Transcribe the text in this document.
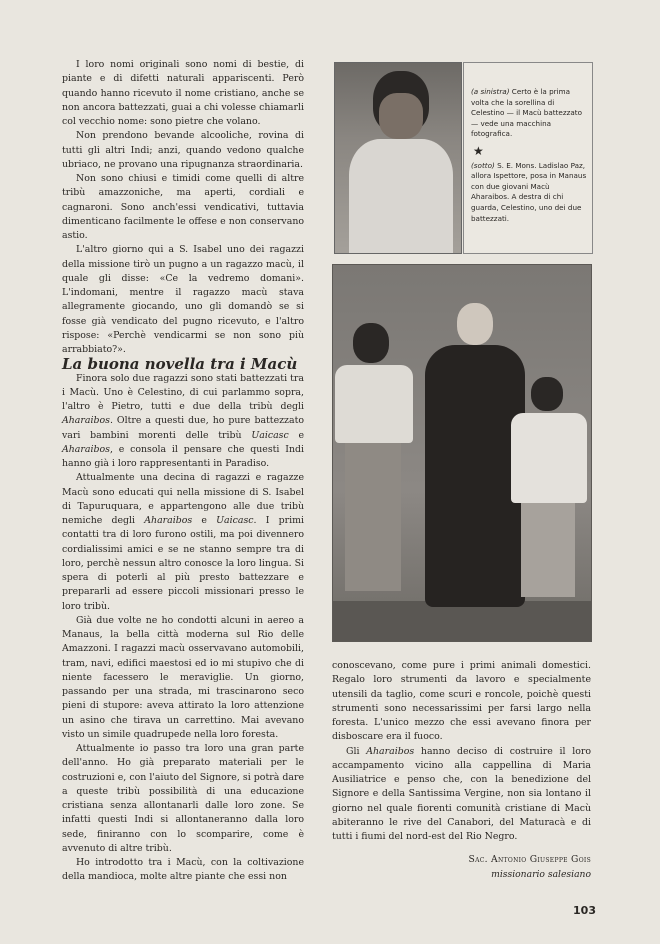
I loro nomi originali sono nomi di bestie, di piante e di difetti naturali appariscenti. Però quando hanno ricevuto il nome cristiano, anche se non ancora battezzati, guai a chi volesse chiamarli col vecchio nome: sono pietre che volano.

Non prendono bevande alcooliche, rovina di tutti gli altri Indi; anzi, quando vedono qualche ubriaco, ne provano una ripugnanza straordinaria.

Non sono chiusi e timidi come quelli di altre tribù amazzoniche, ma aperti, cordiali e cagnaroni. Sono anch'essi vendicativi, tuttavia dimenticano facilmente le offese e non conservano astio.

L'altro giorno qui a S. Isabel uno dei ragazzi della missione tirò un pugno a un ragazzo macù, il quale gli disse: «Ce la vedremo domani». L'indomani, mentre il ragazzo macù stava allegramente giocando, uno gli domandò se si fosse già vendicato del pugno ricevuto, e l'altro rispose: «Perchè vendicarmi se non sono più arrabbiato?».

La buona novella tra i Macù

Finora solo due ragazzi sono stati battezzati tra i Macù. Uno è Celestino, di cui parlammo sopra, l'altro è Pietro, tutti e due della tribù degli Aharaibos. Oltre a questi due, ho pure battezzato vari bambini morenti delle tribù Uaicasc e Aharaibos, e consola il pensare che questi Indi hanno già i loro rappresentanti in Paradiso.

Attualmente una decina di ragazzi e ragazze Macù sono educati qui nella missione di S. Isabel di Tapuruquara, e appartengono alle due tribù nemiche degli Aharaibos e Uaicasc. I primi contatti tra di loro furono ostili, ma poi divennero cordialissimi amici e se ne stanno sempre tra di loro, perchè nessun altro conosce la loro lingua. Si spera di poterli al più presto battezzare e prepararli ad essere piccoli missionari presso le loro tribù.

Già due volte ne ho condotti alcuni in aereo a Manaus, la bella città moderna sul Rio delle Amazzoni. I ragazzi macù osservavano automobili, tram, navi, edifici maestosi ed io mi stupivo che di niente facessero le meraviglie. Un giorno, passando per una strada, mi trascinarono seco pieni di stupore: aveva attirato la loro attenzione un asino che tirava un carrettino. Mai avevano visto un simile quadrupede nella loro foresta.

Attualmente io passo tra loro una gran parte dell'anno. Ho già preparato materiali per le costruzioni e, con l'aiuto del Signore, si potrà dare a queste tribù possibilità di una educazione cristiana senza allontanarli dalle loro zone. Se infatti questi Indi si allontaneranno dalla loro sede, finiranno con lo scomparire, come è avvenuto di altre tribù.

Ho introdotto tra i Macù, con la coltivazione della mandioca, molte altre piante che essi non

(a sinistra) Certo è la prima volta che la sorellina di Celestino — il Macù battezzato — vede una macchina fotografica.

★

(sotto) S. E. Mons. Ladislao Paz, allora Ispettore, posa in Manaus con due giovani Macù Aharaibos. A destra di chi guarda, Celestino, uno dei due battezzati.

conoscevano, come pure i primi animali domestici. Regalo loro strumenti da lavoro e specialmente utensili da taglio, come scuri e roncole, poichè questi strumenti sono necessarissimi per farsi largo nella foresta. L'unico mezzo che essi avevano finora per disboscare era il fuoco.

Gli Aharaibos hanno deciso di costruire il loro accampamento vicino alla cappellina di Maria Ausiliatrice e penso che, con la benedizione del Signore e della Santissima Vergine, non sia lontano il giorno nel quale fiorenti comunità cristiane di Macù abiteranno le rive del Canabori, del Maturacà e di tutti i fiumi del nord-est del Rio Negro.

Sac. Antonio Giuseppe Gois
missionario salesiano
103
